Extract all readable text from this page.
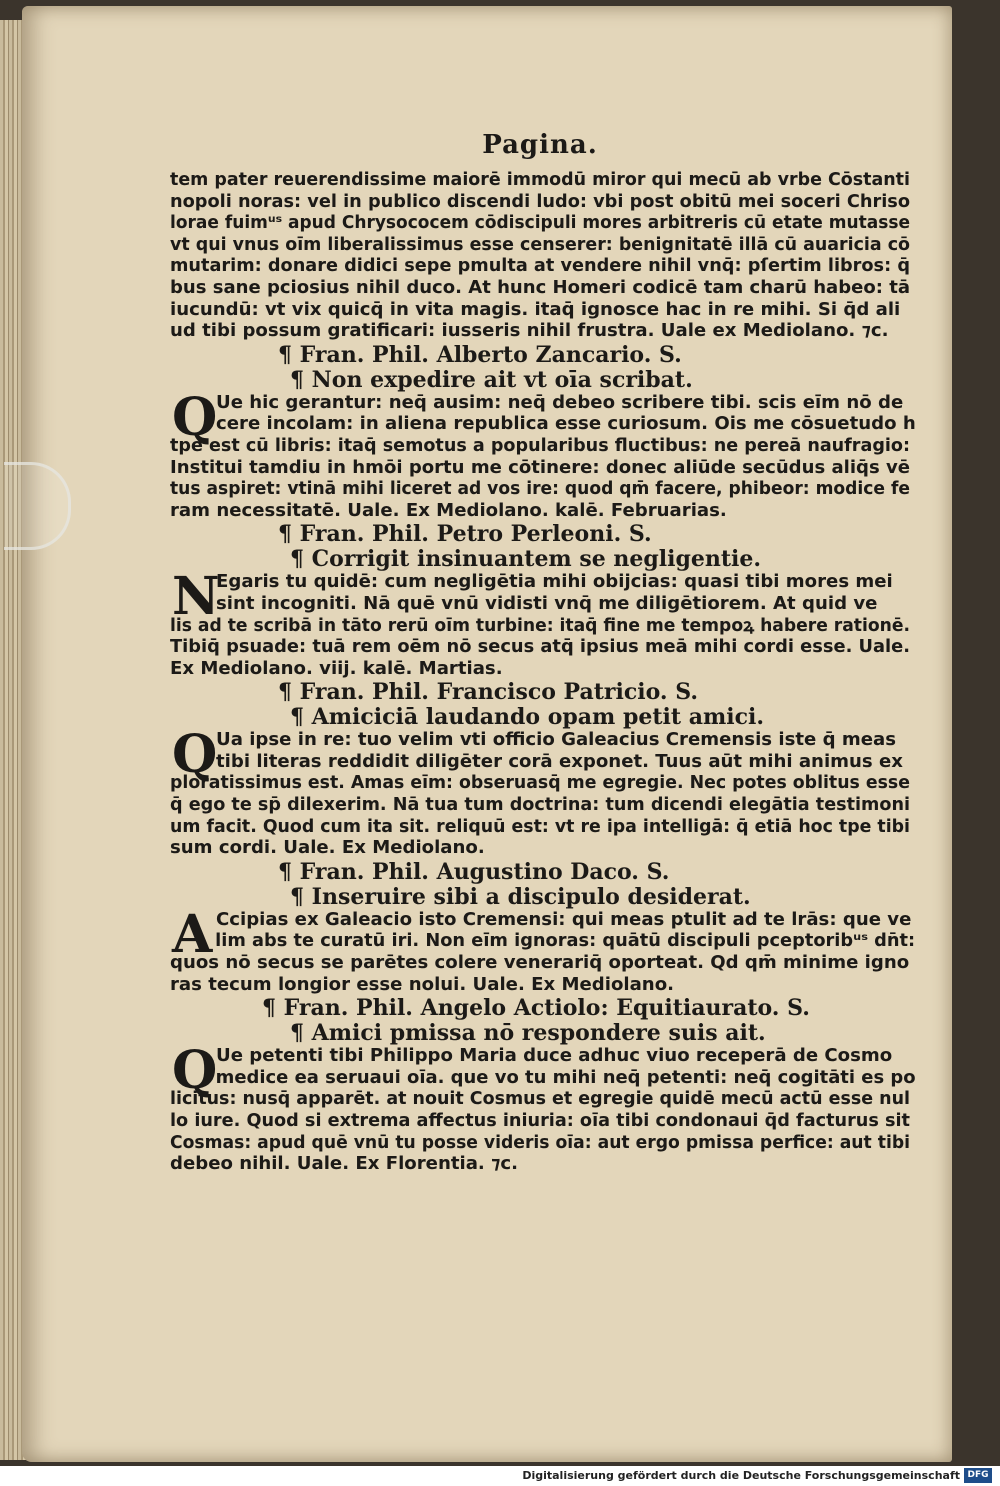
Pagina.
tem pater reuerendissime maiorē immodū miror qui mecū ab vrbe Cōstanti
nopoli noras: vel in publico discendi ludo: vbi post obitū mei soceri Chriso
lorae fuimᵘˢ apud Chrysococem cōdiscipuli mores arbitreris cū etate mutasse
vt qui vnus oīm liberalissimus esse censerer: benignitatē illā cū auaricia cō
mutarim: donare didici sepe pmulta at vendere nihil vnq̄: pſertim libros: q̄
bus sane pciosius nihil duco. At hunc Homeri codicē tam charū habeo: tā
iucundū: vt vix quicq̄ in vita magis. itaq̄ ignosce hac in re mihi. Si q̄d ali
ud tibi possum gratificari: iusseris nihil frustra. Uale ex Mediolano. ⁊c.
¶ Fran. Phil. Alberto Zancario. S.
¶ Non expedire ait vt oīa scribat.
Q
Ue hic gerantur: neq̄ ausim: neq̄ debeo scribere tibi. scis eīm nō de
cere incolam: in aliena republica esse curiosum. Ois me cōsuetudo h
tpe est cū libris: itaq̄ semotus a popularibus fluctibus: ne pereā naufragio:
Institui tamdiu in hmōi portu me cōtinere: donec aliūde secūdus aliq̄s vē
tus aspiret: vtinā mihi liceret ad vos ire: quod qm̄ facere, phibeor: modice fe
ram necessitatē. Uale. Ex Mediolano. kalē. Februarias.
¶ Fran. Phil. Petro Perleoni. S.
¶ Corrigit insinuantem se negligentie.
N
Egaris tu quidē: cum negligētia mihi obijcias: quasi tibi mores mei
sint incogniti. Nā quē vnū vidisti vnq̄ me diligētiorem. At quid ve
lis ad te scribā in tāto rerū oīm turbine: itaq̄ fine me tempoꝝ habere rationē.
Tibiq̄ psuade: tuā rem oēm nō secus atq̄ ipsius meā mihi cordi esse. Uale.
Ex Mediolano. viij. kalē. Martias.
¶ Fran. Phil. Francisco Patricio. S.
¶ Amiciciā laudando opam petit amici.
Q
Ua ipse in re: tuo velim vti officio Galeacius Cremensis iste q̄ meas
tibi literas reddidit diligēter corā exponet. Tuus aūt mihi animus ex
ploratissimus est. Amas eīm: obseruasq̄ me egregie. Nec potes oblitus esse
q̄ ego te sp̄ dilexerim. Nā tua tum doctrina: tum dicendi elegātia testimoni
um facit. Quod cum ita sit. reliquū est: vt re ipa intelligā: q̄ etiā hoc tpe tibi
sum cordi. Uale. Ex Mediolano.
¶ Fran. Phil. Augustino Daco. S.
¶ Inseruire sibi a discipulo desiderat.
A Ccipias ex Galeacio isto Cremensi: qui meas ptulit ad te lrās: que ve
lim abs te curatū iri. Non eīm ignoras: quātū discipuli pceptoribᵘˢ dn̄t:
quos nō secus se parētes colere venerariq̄ oportеat. Qd̄ qm̄ minime igno
ras tecum longior esse nolui. Uale. Ex Mediolano.
¶ Fran. Phil. Angelo Actiolo: Equitiaurato. S.
¶ Amici pmissa nō respondere suis ait.
Q
Ue petenti tibi Philippo Maria duce adhuc viuo receperā de Cosmo
medice ea seruaui oīa. que vo tu mihi neq̄ petenti: neq̄ cogitāti es po
licitus: nusq̄ apparēt. at nouit Cosmus et egregie quidē mecū actū esse nul
lo iure. Quod si extrema affectus iniuria: oīa tibi condonaui q̄d facturus sit
Cosmas: apud quē vnū tu posse videris oīa: aut ergo pmissa perfice: aut tibi
debeo nihil. Uale. Ex Florentia. ⁊c.
Digitalisierung gefördert durch die Deutsche Forschungsgemeinschaft DFG
